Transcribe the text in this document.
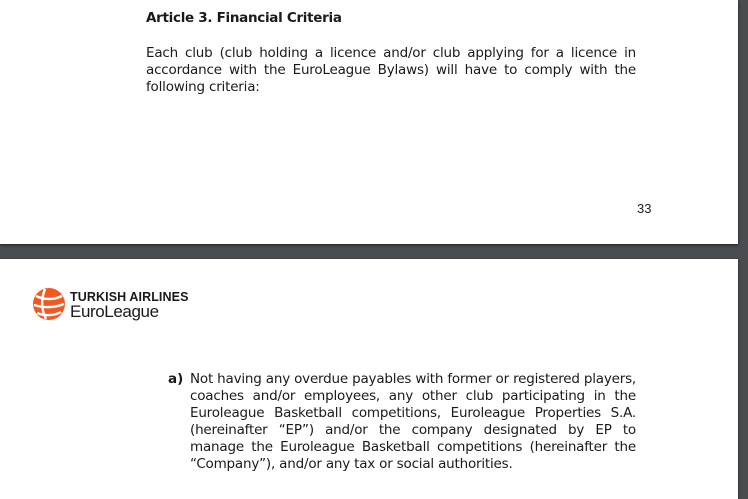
Article 3. Financial Criteria
Each club (club holding a licence and/or club applying for a licence in accordance with the EuroLeague Bylaws) will have to comply with the following criteria:
33
TURKISH AIRLINES
EuroLeague
a) Not having any overdue payables with former or registered players, coaches and/or employees, any other club participating in the Euroleague Basketball competitions, Euroleague Properties S.A. (hereinafter “EP”) and/or the company designated by EP to manage the Euroleague Basketball competitions (hereinafter the “Company”), and/or any tax or social authorities.
